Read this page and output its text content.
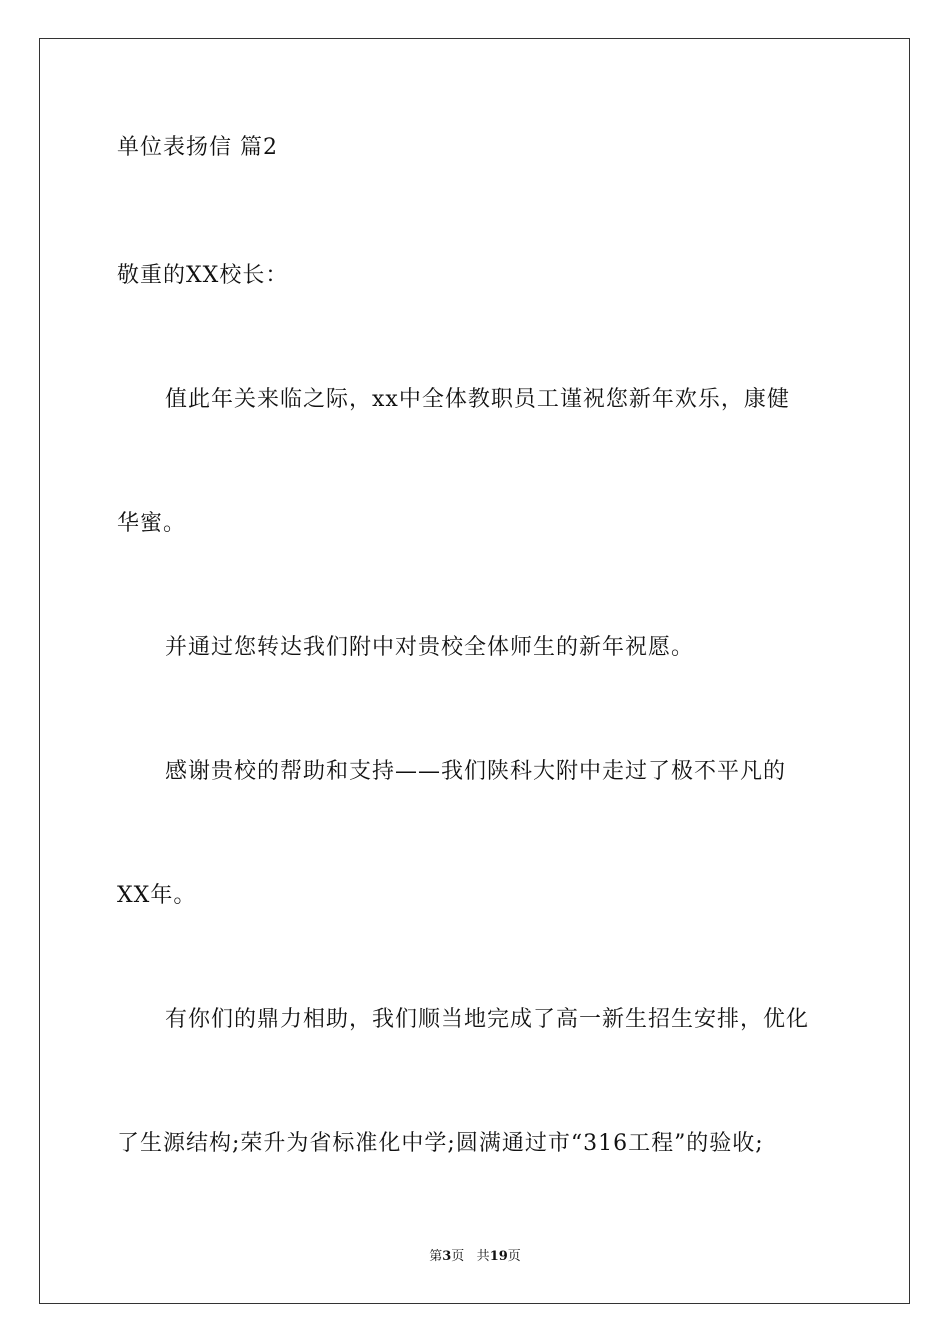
单位表扬信 篇2
敬重的XX校长：
值此年关来临之际，xx中全体教职员工谨祝您新年欢乐，康健
华蜜。
并通过您转达我们附中对贵校全体师生的新年祝愿。
感谢贵校的帮助和支持——我们陕科大附中走过了极不平凡的
XX年。
有你们的鼎力相助，我们顺当地完成了高一新生招生安排，优化
了生源结构;荣升为省标准化中学;圆满通过市“316工程”的验收;
第3页 共19页
